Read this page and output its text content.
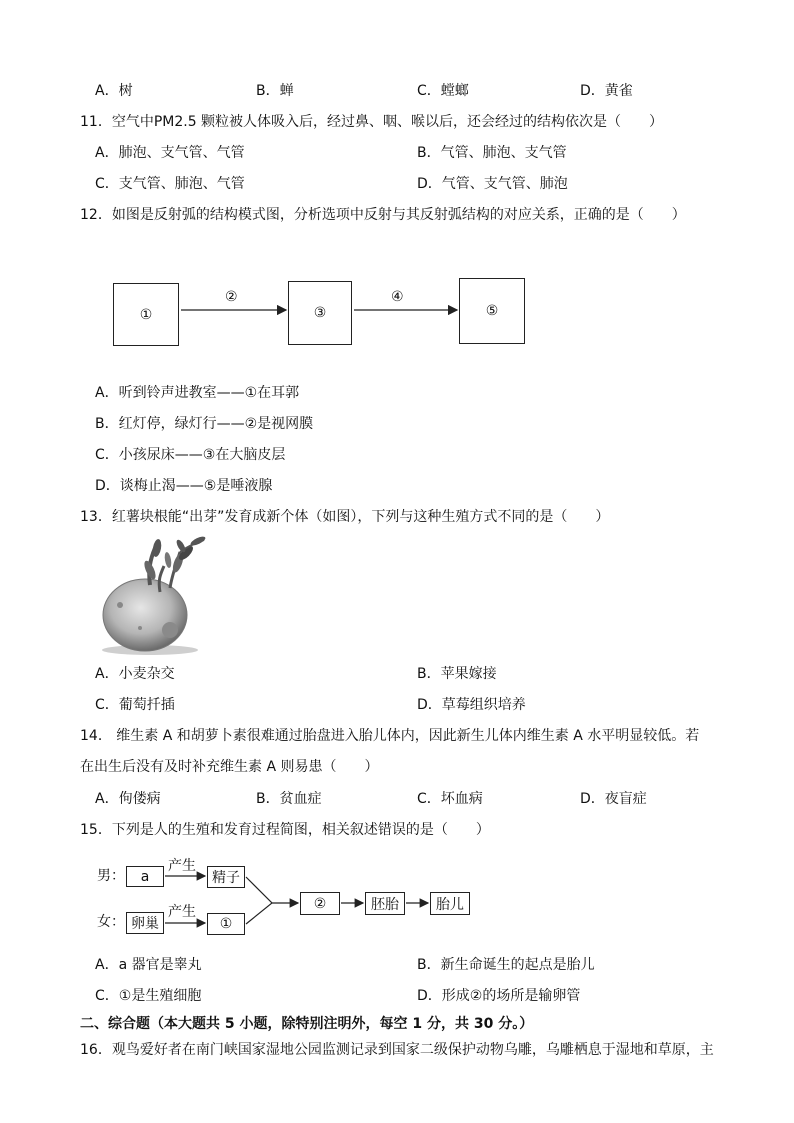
A．树	B．蝉	C．螳螂	D．黄雀
11．空气中PM2.5 颗粒被人体吸入后，经过鼻、咽、喉以后，还会经过的结构依次是（　　）
A．肺泡、支气管、气管	B．气管、肺泡、支气管
C．支气管、肺泡、气管	D．气管、支气管、肺泡
12．如图是反射弧的结构模式图，分析选项中反射与其反射弧结构的对应关系，正确的是（　　）
①	③	⑤
②	④
A．听到铃声进教室——①在耳郭
B．红灯停，绿灯行——②是视网膜
C．小孩尿床——③在大脑皮层
D．谈梅止渴——⑤是唾液腺
13．红薯块根能“出芽”发育成新个体（如图），下列与这种生殖方式不同的是（　　）
A．小麦杂交	B．苹果嫁接
C．葡萄扦插	D．草莓组织培养
14． 维生素 A 和胡萝卜素很难通过胎盘进入胎儿体内，因此新生儿体内维生素 A 水平明显较低。若
在出生后没有及时补充维生素 A 则易患（　　）
A．佝偻病	B．贫血症	C．坏血病	D．夜盲症
15．下列是人的生殖和发育过程简图，相关叙述错误的是（　　）
男：
女：
a
卵巢
产生
产生
精子
①
②	胚胎	胎儿
A．a 器官是睾丸	B．新生命诞生的起点是胎儿
C．①是生殖细胞	D．形成②的场所是输卵管
二、综合题（本大题共 5 小题，除特别注明外，每空 1 分，共 30 分。）
16．观鸟爱好者在南门峡国家湿地公园监测记录到国家二级保护动物乌雕，乌雕栖息于湿地和草原，主
